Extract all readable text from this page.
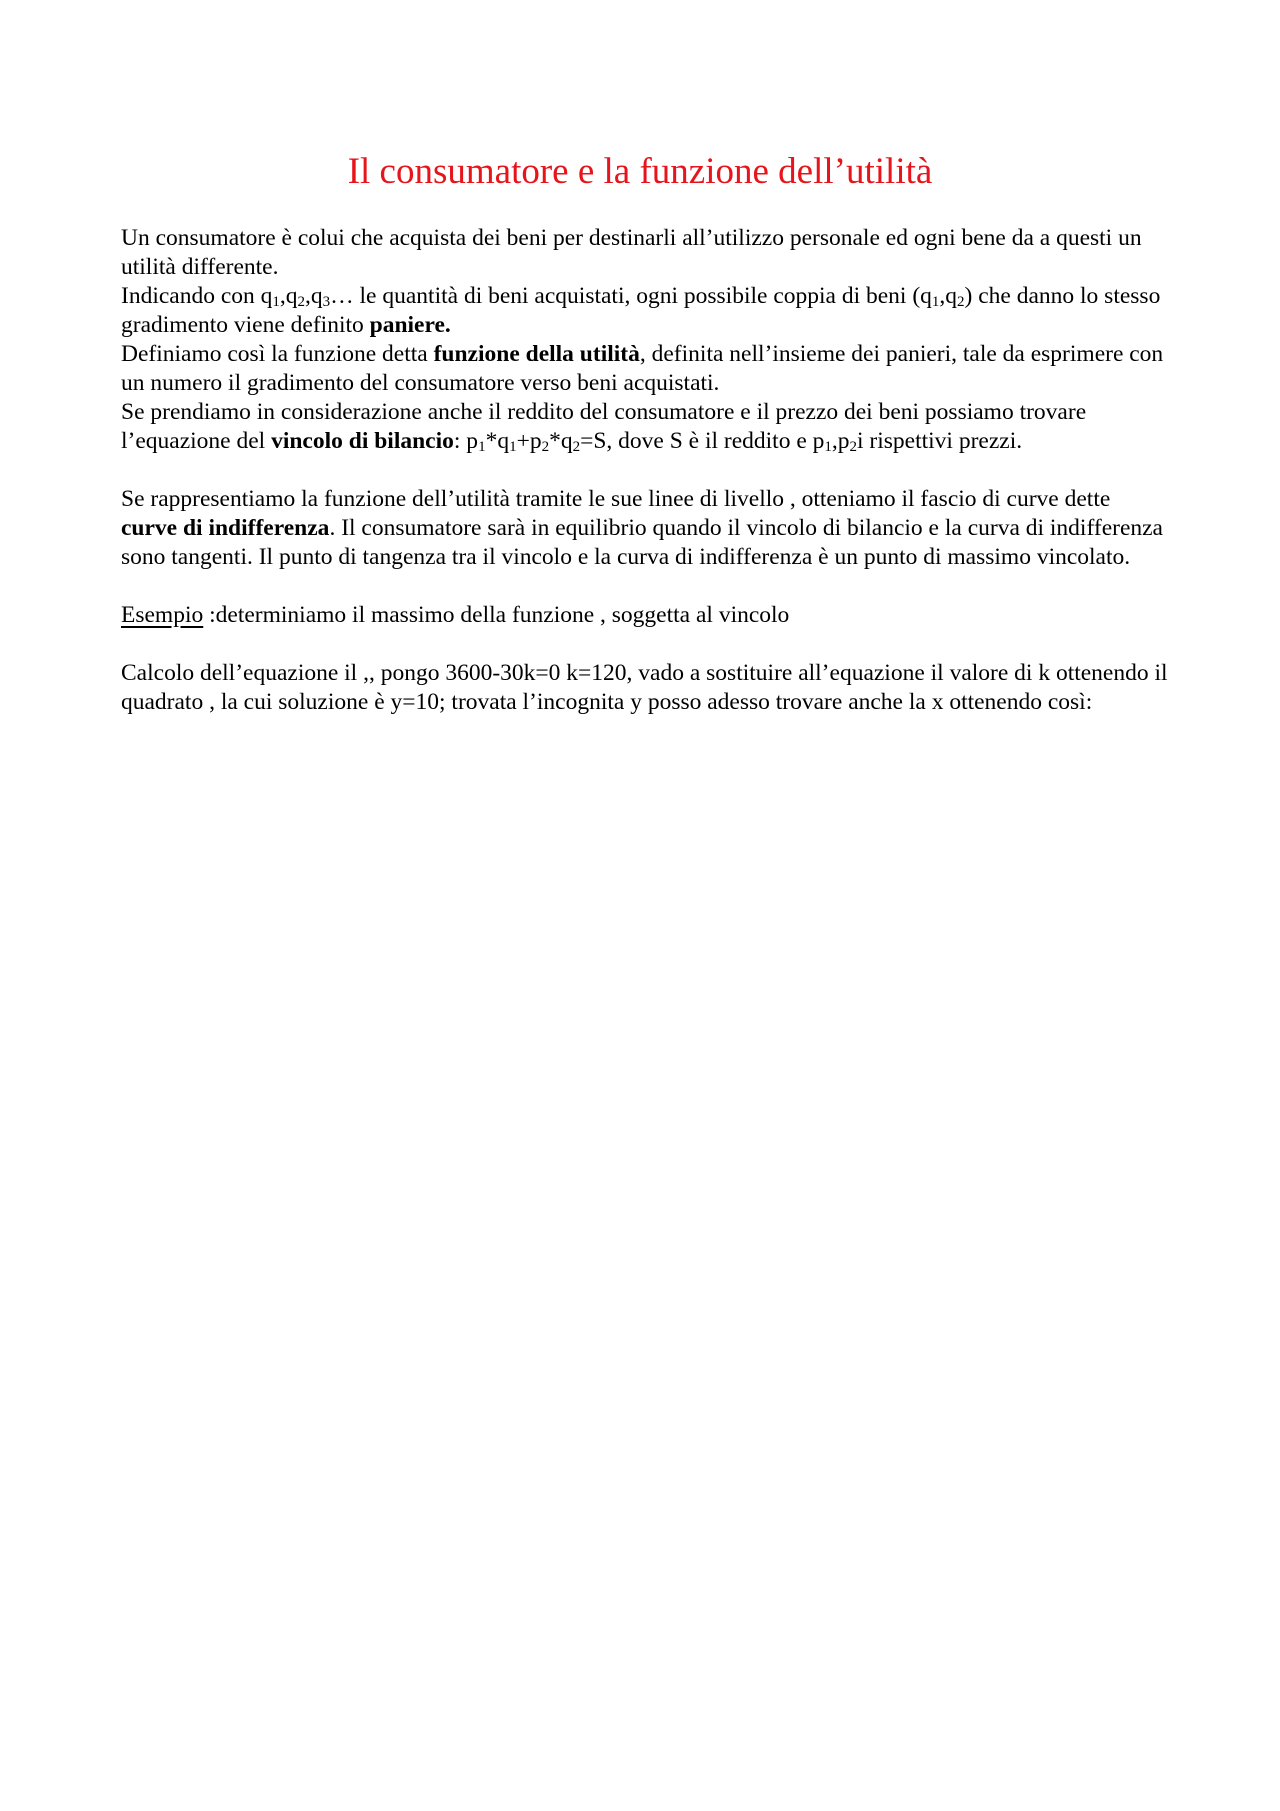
Il consumatore e la funzione dell’utilità

Un consumatore è colui che acquista dei beni per destinarli all’utilizzo personale ed ogni bene da a questi un utilità differente.

Indicando con $q_1,q_2,q_3\dots$ le quantità di beni acquistati, ogni possibile coppia di beni $(q_1,q_2)$ che danno lo stesso gradimento viene definito paniere.

Definiamo così la funzione detta funzione della utilità, definita nell’insieme dei panieri, tale da esprimere con un numero il gradimento del consumatore verso beni acquistati.

Se prendiamo in considerazione anche il reddito del consumatore e il prezzo dei beni possiamo trovare l’equazione del vincolo di bilancio: $p_1*q_1+p_2*q_2=S$, dove S è il reddito e $p_1,p_2i$ rispettivi prezzi.

Se rappresentiamo la funzione dell’utilità tramite le sue linee di livello , otteniamo il fascio di curve dette curve di indifferenza. Il consumatore sarà in equilibrio quando il vincolo di bilancio e la curva di indifferenza sono tangenti. Il punto di tangenza tra il vincolo e la curva di indifferenza è un punto di massimo vincolato.

Esempio :determiniamo il massimo della funzione , soggetta al vincolo

Calcolo dell’equazione il ,, pongo 3600-30k=0 k=120, vado a sostituire all’equazione il valore di k ottenendo il quadrato , la cui soluzione è y=10; trovata l’incognita y posso adesso trovare anche la x ottenendo così:
